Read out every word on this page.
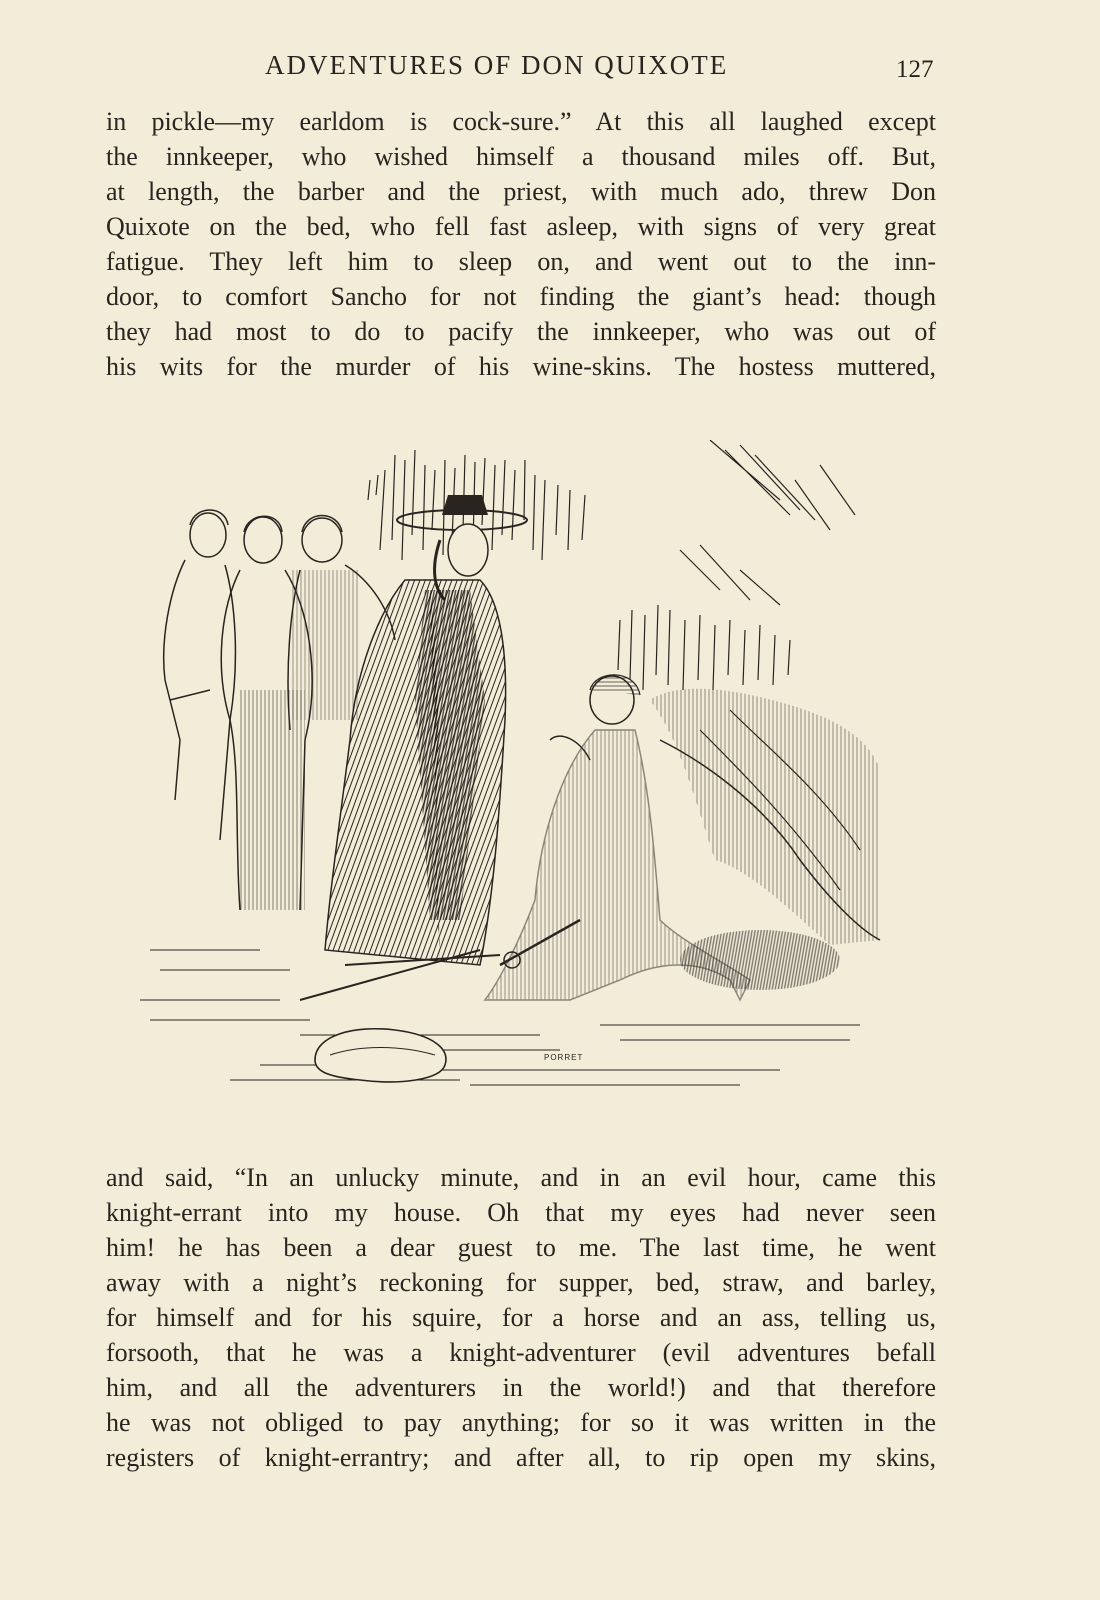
ADVENTURES OF DON QUIXOTE	127
in pickle—my earldom is cock-sure.” At this all laughed except
the innkeeper, who wished himself a thousand miles off. But,
at length, the barber and the priest, with much ado, threw Don
Quixote on the bed, who fell fast asleep, with signs of very great
fatigue. They left him to sleep on, and went out to the inn-
door, to comfort Sancho for not finding the giant’s head: though
they had most to do to pacify the innkeeper, who was out of
his wits for the murder of his wine-skins. The hostess muttered,
PORRET
and said, “In an unlucky minute, and in an evil hour, came this
knight-errant into my house. Oh that my eyes had never seen
him! he has been a dear guest to me. The last time, he went
away with a night’s reckoning for supper, bed, straw, and barley,
for himself and for his squire, for a horse and an ass, telling us,
forsooth, that he was a knight-adventurer (evil adventures befall
him, and all the adventurers in the world!) and that therefore
he was not obliged to pay anything; for so it was written in the
registers of knight-errantry; and after all, to rip open my skins,
